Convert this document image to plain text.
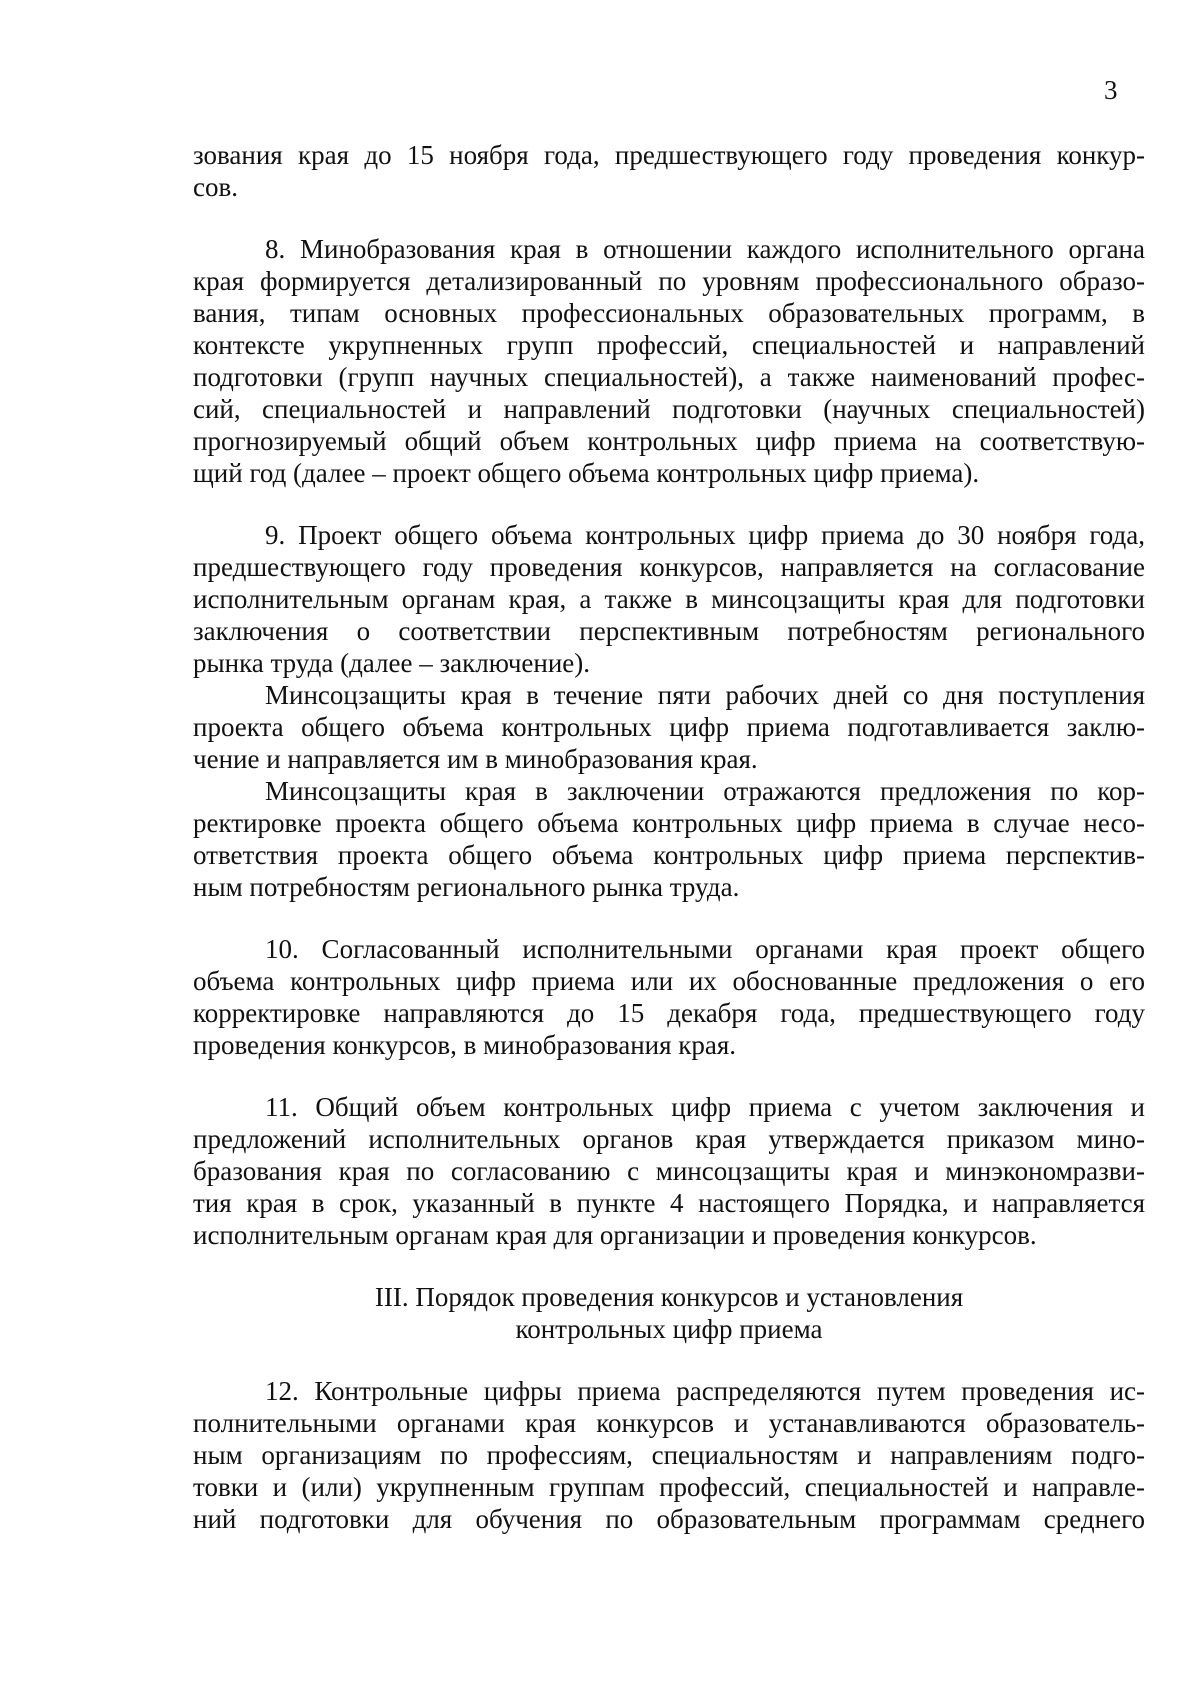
3
зования края до 15 ноября года, предшествующего году проведения конкур-
сов.
8. Минобразования края в отношении каждого исполнительного органа
края формируется детализированный по уровням профессионального образо-
вания, типам основных профессиональных образовательных программ, в
контексте укрупненных групп профессий, специальностей и направлений
подготовки (групп научных специальностей), а также наименований профес-
сий, специальностей и направлений подготовки (научных специальностей)
прогнозируемый общий объем контрольных цифр приема на соответствую-
щий год (далее – проект общего объема контрольных цифр приема).
9. Проект общего объема контрольных цифр приема до 30 ноября года,
предшествующего году проведения конкурсов, направляется на согласование
исполнительным органам края, а также в минсоцзащиты края для подготовки
заключения о соответствии перспективным потребностям регионального
рынка труда (далее – заключение).
Минсоцзащиты края в течение пяти рабочих дней со дня поступления
проекта общего объема контрольных цифр приема подготавливается заклю-
чение и направляется им в минобразования края.
Минсоцзащиты края в заключении отражаются предложения по кор-
ректировке проекта общего объема контрольных цифр приема в случае несо-
ответствия проекта общего объема контрольных цифр приема перспектив-
ным потребностям регионального рынка труда.
10. Согласованный исполнительными органами края проект общего
объема контрольных цифр приема или их обоснованные предложения о его
корректировке направляются до 15 декабря года, предшествующего году
проведения конкурсов, в минобразования края.
11. Общий объем контрольных цифр приема с учетом заключения и
предложений исполнительных органов края утверждается приказом мино-
бразования края по согласованию с минсоцзащиты края и минэкономразви-
тия края в срок, указанный в пункте 4 настоящего Порядка, и направляется
исполнительным органам края для организации и проведения конкурсов.
III. Порядок проведения конкурсов и установления
контрольных цифр приема
12. Контрольные цифры приема распределяются путем проведения ис-
полнительными органами края конкурсов и устанавливаются образователь-
ным организациям по профессиям, специальностям и направлениям подго-
товки и (или) укрупненным группам профессий, специальностей и направле-
ний подготовки для обучения по образовательным программам среднего
